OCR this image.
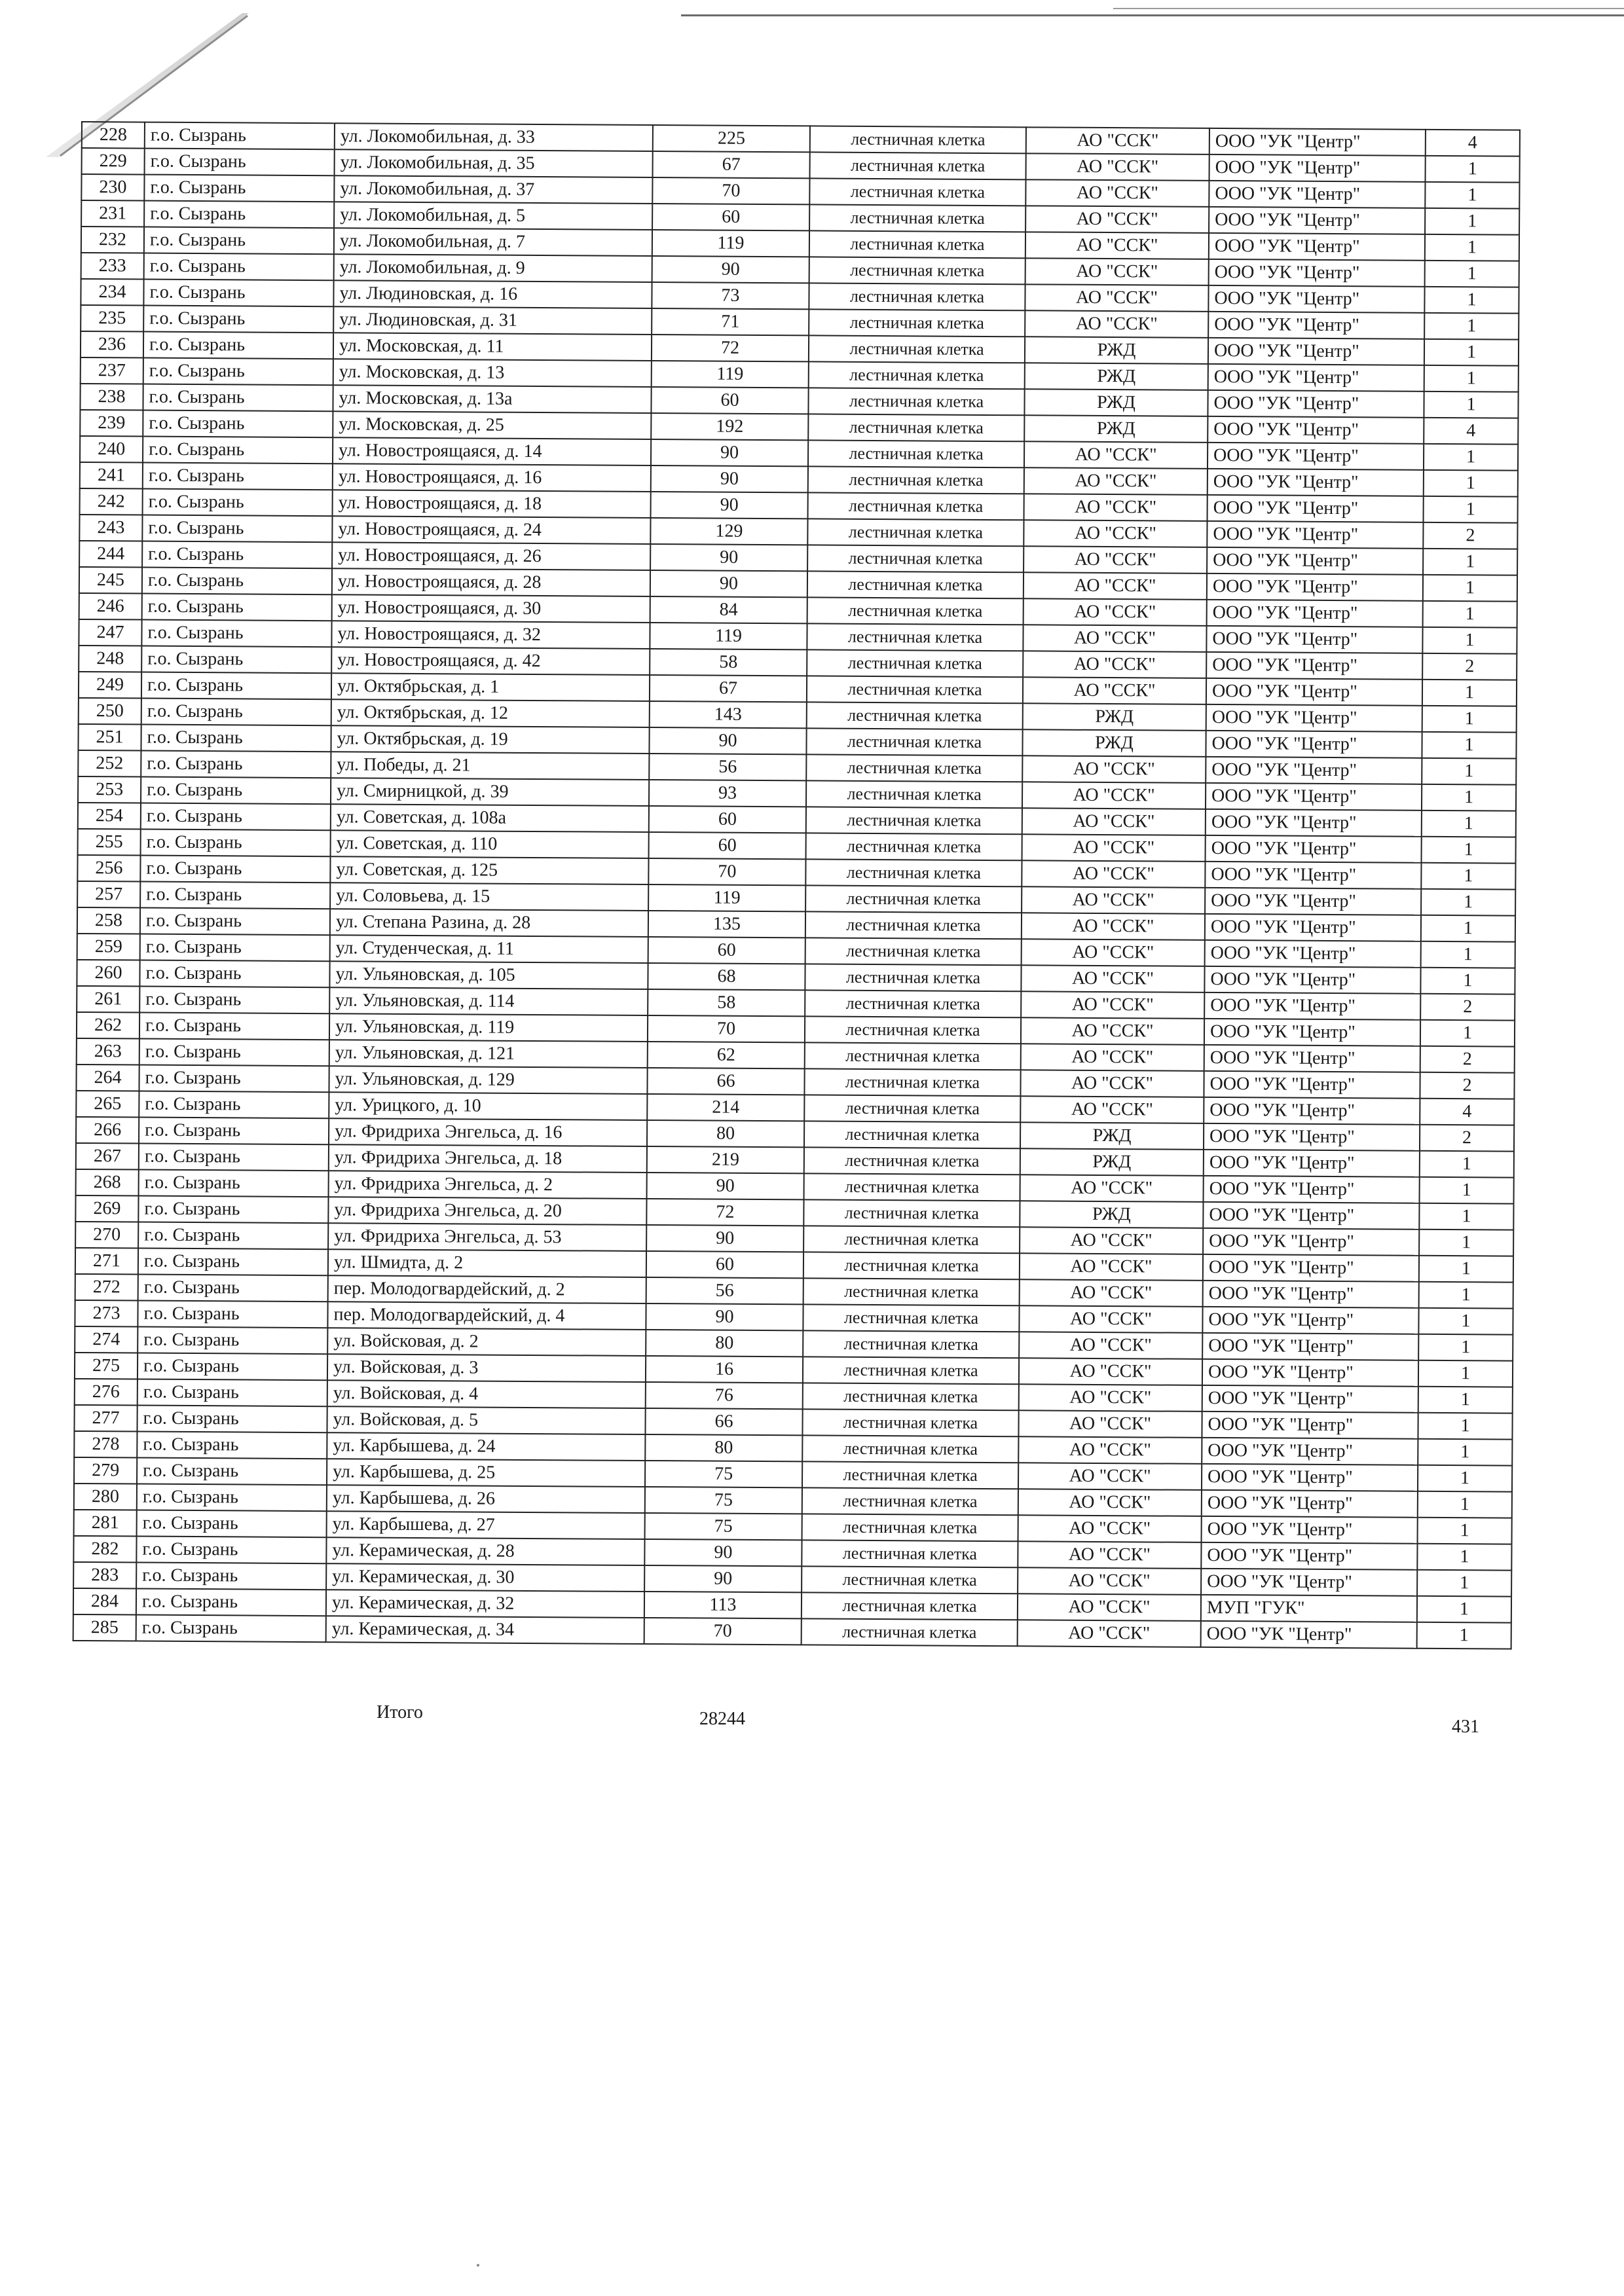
228	г.о. Сызрань	ул. Локомобильная, д. 33	225	лестничная клетка	АО "ССК"	ООО "УК "Центр"	4
229	г.о. Сызрань	ул. Локомобильная, д. 35	67	лестничная клетка	АО "ССК"	ООО "УК "Центр"	1
230	г.о. Сызрань	ул. Локомобильная, д. 37	70	лестничная клетка	АО "ССК"	ООО "УК "Центр"	1
231	г.о. Сызрань	ул. Локомобильная, д. 5	60	лестничная клетка	АО "ССК"	ООО "УК "Центр"	1
232	г.о. Сызрань	ул. Локомобильная, д. 7	119	лестничная клетка	АО "ССК"	ООО "УК "Центр"	1
233	г.о. Сызрань	ул. Локомобильная, д. 9	90	лестничная клетка	АО "ССК"	ООО "УК "Центр"	1
234	г.о. Сызрань	ул. Людиновская, д. 16	73	лестничная клетка	АО "ССК"	ООО "УК "Центр"	1
235	г.о. Сызрань	ул. Людиновская, д. 31	71	лестничная клетка	АО "ССК"	ООО "УК "Центр"	1
236	г.о. Сызрань	ул. Московская, д. 11	72	лестничная клетка	РЖД	ООО "УК "Центр"	1
237	г.о. Сызрань	ул. Московская, д. 13	119	лестничная клетка	РЖД	ООО "УК "Центр"	1
238	г.о. Сызрань	ул. Московская, д. 13а	60	лестничная клетка	РЖД	ООО "УК "Центр"	1
239	г.о. Сызрань	ул. Московская, д. 25	192	лестничная клетка	РЖД	ООО "УК "Центр"	4
240	г.о. Сызрань	ул. Новостроящаяся, д. 14	90	лестничная клетка	АО "ССК"	ООО "УК "Центр"	1
241	г.о. Сызрань	ул. Новостроящаяся, д. 16	90	лестничная клетка	АО "ССК"	ООО "УК "Центр"	1
242	г.о. Сызрань	ул. Новостроящаяся, д. 18	90	лестничная клетка	АО "ССК"	ООО "УК "Центр"	1
243	г.о. Сызрань	ул. Новостроящаяся, д. 24	129	лестничная клетка	АО "ССК"	ООО "УК "Центр"	2
244	г.о. Сызрань	ул. Новостроящаяся, д. 26	90	лестничная клетка	АО "ССК"	ООО "УК "Центр"	1
245	г.о. Сызрань	ул. Новостроящаяся, д. 28	90	лестничная клетка	АО "ССК"	ООО "УК "Центр"	1
246	г.о. Сызрань	ул. Новостроящаяся, д. 30	84	лестничная клетка	АО "ССК"	ООО "УК "Центр"	1
247	г.о. Сызрань	ул. Новостроящаяся, д. 32	119	лестничная клетка	АО "ССК"	ООО "УК "Центр"	1
248	г.о. Сызрань	ул. Новостроящаяся, д. 42	58	лестничная клетка	АО "ССК"	ООО "УК "Центр"	2
249	г.о. Сызрань	ул. Октябрьская, д. 1	67	лестничная клетка	АО "ССК"	ООО "УК "Центр"	1
250	г.о. Сызрань	ул. Октябрьская, д. 12	143	лестничная клетка	РЖД	ООО "УК "Центр"	1
251	г.о. Сызрань	ул. Октябрьская, д. 19	90	лестничная клетка	РЖД	ООО "УК "Центр"	1
252	г.о. Сызрань	ул. Победы, д. 21	56	лестничная клетка	АО "ССК"	ООО "УК "Центр"	1
253	г.о. Сызрань	ул. Смирницкой, д. 39	93	лестничная клетка	АО "ССК"	ООО "УК "Центр"	1
254	г.о. Сызрань	ул. Советская, д. 108а	60	лестничная клетка	АО "ССК"	ООО "УК "Центр"	1
255	г.о. Сызрань	ул. Советская, д. 110	60	лестничная клетка	АО "ССК"	ООО "УК "Центр"	1
256	г.о. Сызрань	ул. Советская, д. 125	70	лестничная клетка	АО "ССК"	ООО "УК "Центр"	1
257	г.о. Сызрань	ул. Соловьева, д. 15	119	лестничная клетка	АО "ССК"	ООО "УК "Центр"	1
258	г.о. Сызрань	ул. Степана Разина, д. 28	135	лестничная клетка	АО "ССК"	ООО "УК "Центр"	1
259	г.о. Сызрань	ул. Студенческая, д. 11	60	лестничная клетка	АО "ССК"	ООО "УК "Центр"	1
260	г.о. Сызрань	ул. Ульяновская, д. 105	68	лестничная клетка	АО "ССК"	ООО "УК "Центр"	1
261	г.о. Сызрань	ул. Ульяновская, д. 114	58	лестничная клетка	АО "ССК"	ООО "УК "Центр"	2
262	г.о. Сызрань	ул. Ульяновская, д. 119	70	лестничная клетка	АО "ССК"	ООО "УК "Центр"	1
263	г.о. Сызрань	ул. Ульяновская, д. 121	62	лестничная клетка	АО "ССК"	ООО "УК "Центр"	2
264	г.о. Сызрань	ул. Ульяновская, д. 129	66	лестничная клетка	АО "ССК"	ООО "УК "Центр"	2
265	г.о. Сызрань	ул. Урицкого, д. 10	214	лестничная клетка	АО "ССК"	ООО "УК "Центр"	4
266	г.о. Сызрань	ул. Фридриха Энгельса, д. 16	80	лестничная клетка	РЖД	ООО "УК "Центр"	2
267	г.о. Сызрань	ул. Фридриха Энгельса, д. 18	219	лестничная клетка	РЖД	ООО "УК "Центр"	1
268	г.о. Сызрань	ул. Фридриха Энгельса, д. 2	90	лестничная клетка	АО "ССК"	ООО "УК "Центр"	1
269	г.о. Сызрань	ул. Фридриха Энгельса, д. 20	72	лестничная клетка	РЖД	ООО "УК "Центр"	1
270	г.о. Сызрань	ул. Фридриха Энгельса, д. 53	90	лестничная клетка	АО "ССК"	ООО "УК "Центр"	1
271	г.о. Сызрань	ул. Шмидта, д. 2	60	лестничная клетка	АО "ССК"	ООО "УК "Центр"	1
272	г.о. Сызрань	пер. Молодогвардейский, д. 2	56	лестничная клетка	АО "ССК"	ООО "УК "Центр"	1
273	г.о. Сызрань	пер. Молодогвардейский, д. 4	90	лестничная клетка	АО "ССК"	ООО "УК "Центр"	1
274	г.о. Сызрань	ул. Войсковая, д. 2	80	лестничная клетка	АО "ССК"	ООО "УК "Центр"	1
275	г.о. Сызрань	ул. Войсковая, д. 3	16	лестничная клетка	АО "ССК"	ООО "УК "Центр"	1
276	г.о. Сызрань	ул. Войсковая, д. 4	76	лестничная клетка	АО "ССК"	ООО "УК "Центр"	1
277	г.о. Сызрань	ул. Войсковая, д. 5	66	лестничная клетка	АО "ССК"	ООО "УК "Центр"	1
278	г.о. Сызрань	ул. Карбышева, д. 24	80	лестничная клетка	АО "ССК"	ООО "УК "Центр"	1
279	г.о. Сызрань	ул. Карбышева, д. 25	75	лестничная клетка	АО "ССК"	ООО "УК "Центр"	1
280	г.о. Сызрань	ул. Карбышева, д. 26	75	лестничная клетка	АО "ССК"	ООО "УК "Центр"	1
281	г.о. Сызрань	ул. Карбышева, д. 27	75	лестничная клетка	АО "ССК"	ООО "УК "Центр"	1
282	г.о. Сызрань	ул. Керамическая, д. 28	90	лестничная клетка	АО "ССК"	ООО "УК "Центр"	1
283	г.о. Сызрань	ул. Керамическая, д. 30	90	лестничная клетка	АО "ССК"	ООО "УК "Центр"	1
284	г.о. Сызрань	ул. Керамическая, д. 32	113	лестничная клетка	АО "ССК"	МУП "ГУК"	1
285	г.о. Сызрань	ул. Керамическая, д. 34	70	лестничная клетка	АО "ССК"	ООО "УК "Центр"	1
Итого	28244	431
